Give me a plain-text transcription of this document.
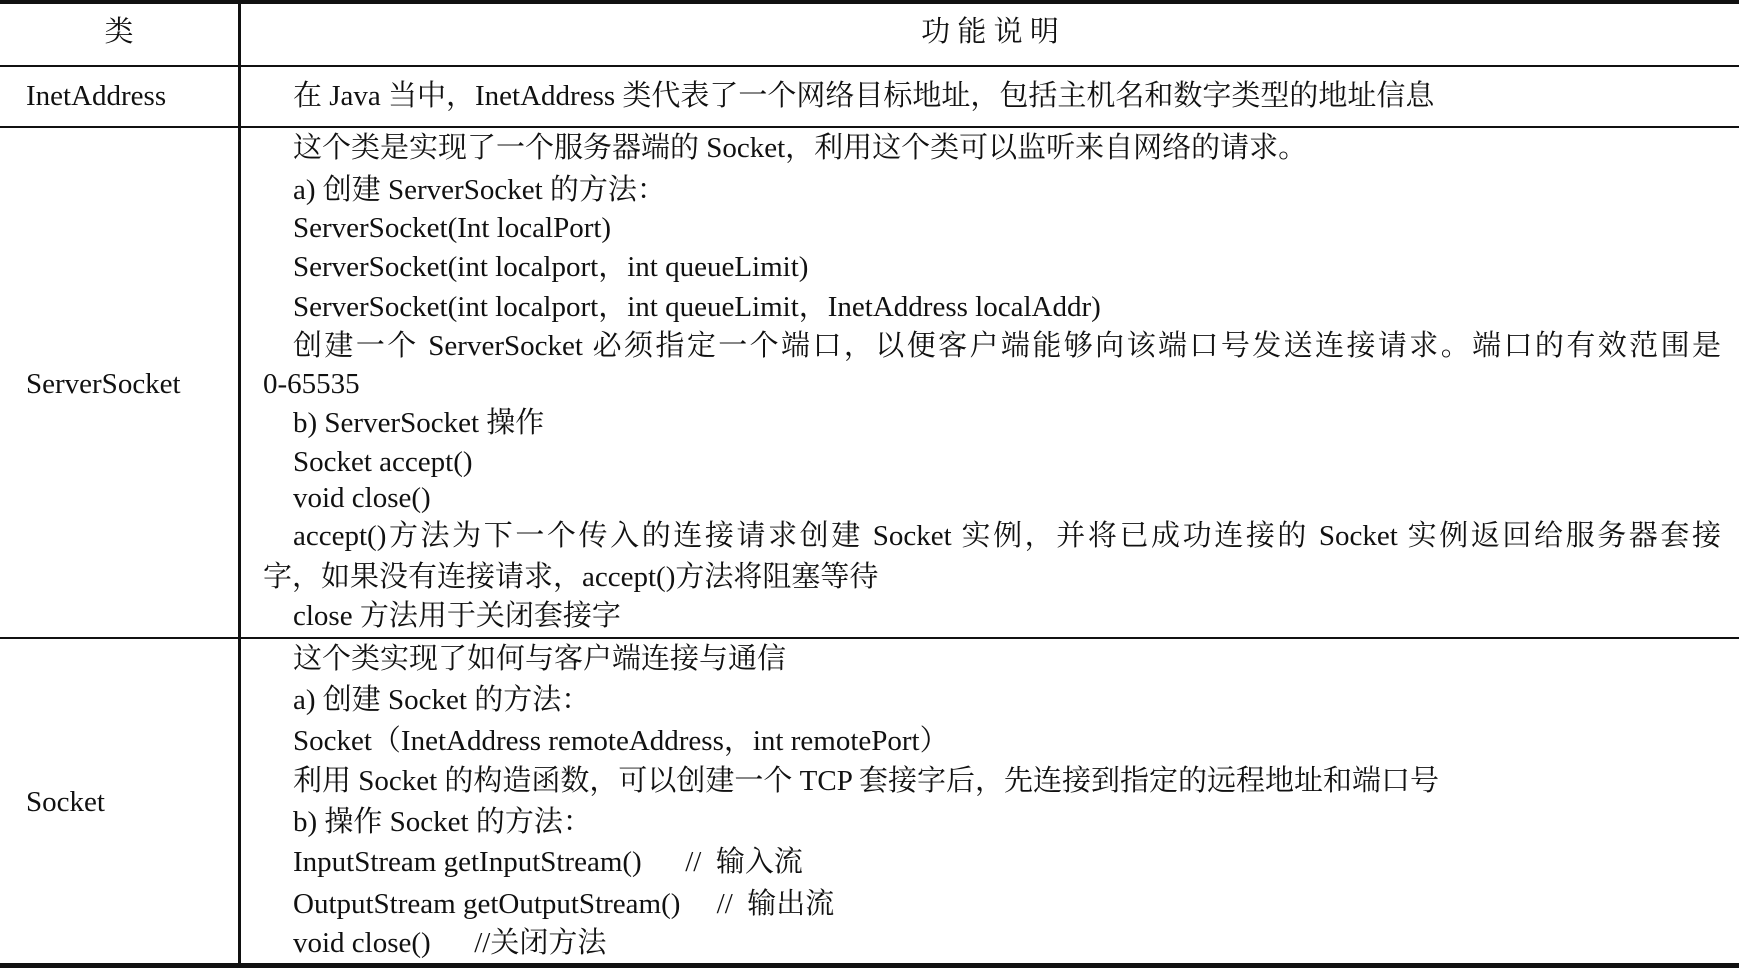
类	功 能 说 明
InetAddress	在 Java 当中，InetAddress 类代表了一个网络目标地址，包括主机名和数字类型的地址信息
ServerSocket
这个类是实现了一个服务器端的 Socket，利用这个类可以监听来自网络的请求。
a) 创建 ServerSocket 的方法：
ServerSocket(Int localPort)
ServerSocket(int localport，int queueLimit)
ServerSocket(int localport，int queueLimit，InetAddress localAddr)
创建一个 ServerSocket 必须指定一个端口，以便客户端能够向该端口号发送连接请求。端口的有效范围是
0-65535
b) ServerSocket 操作
Socket accept()
void close()
accept()方法为下一个传入的连接请求创建 Socket 实例，并将已成功连接的 Socket 实例返回给服务器套接
字，如果没有连接请求，accept()方法将阻塞等待
close 方法用于关闭套接字
Socket
这个类实现了如何与客户端连接与通信
a) 创建 Socket 的方法：
Socket（InetAddress remoteAddress，int remotePort）
利用 Socket 的构造函数，可以创建一个 TCP 套接字后，先连接到指定的远程地址和端口号
b) 操作 Socket 的方法：
InputStream getInputStream()      //  输入流
OutputStream getOutputStream()     //  输出流
void close()      //关闭方法
